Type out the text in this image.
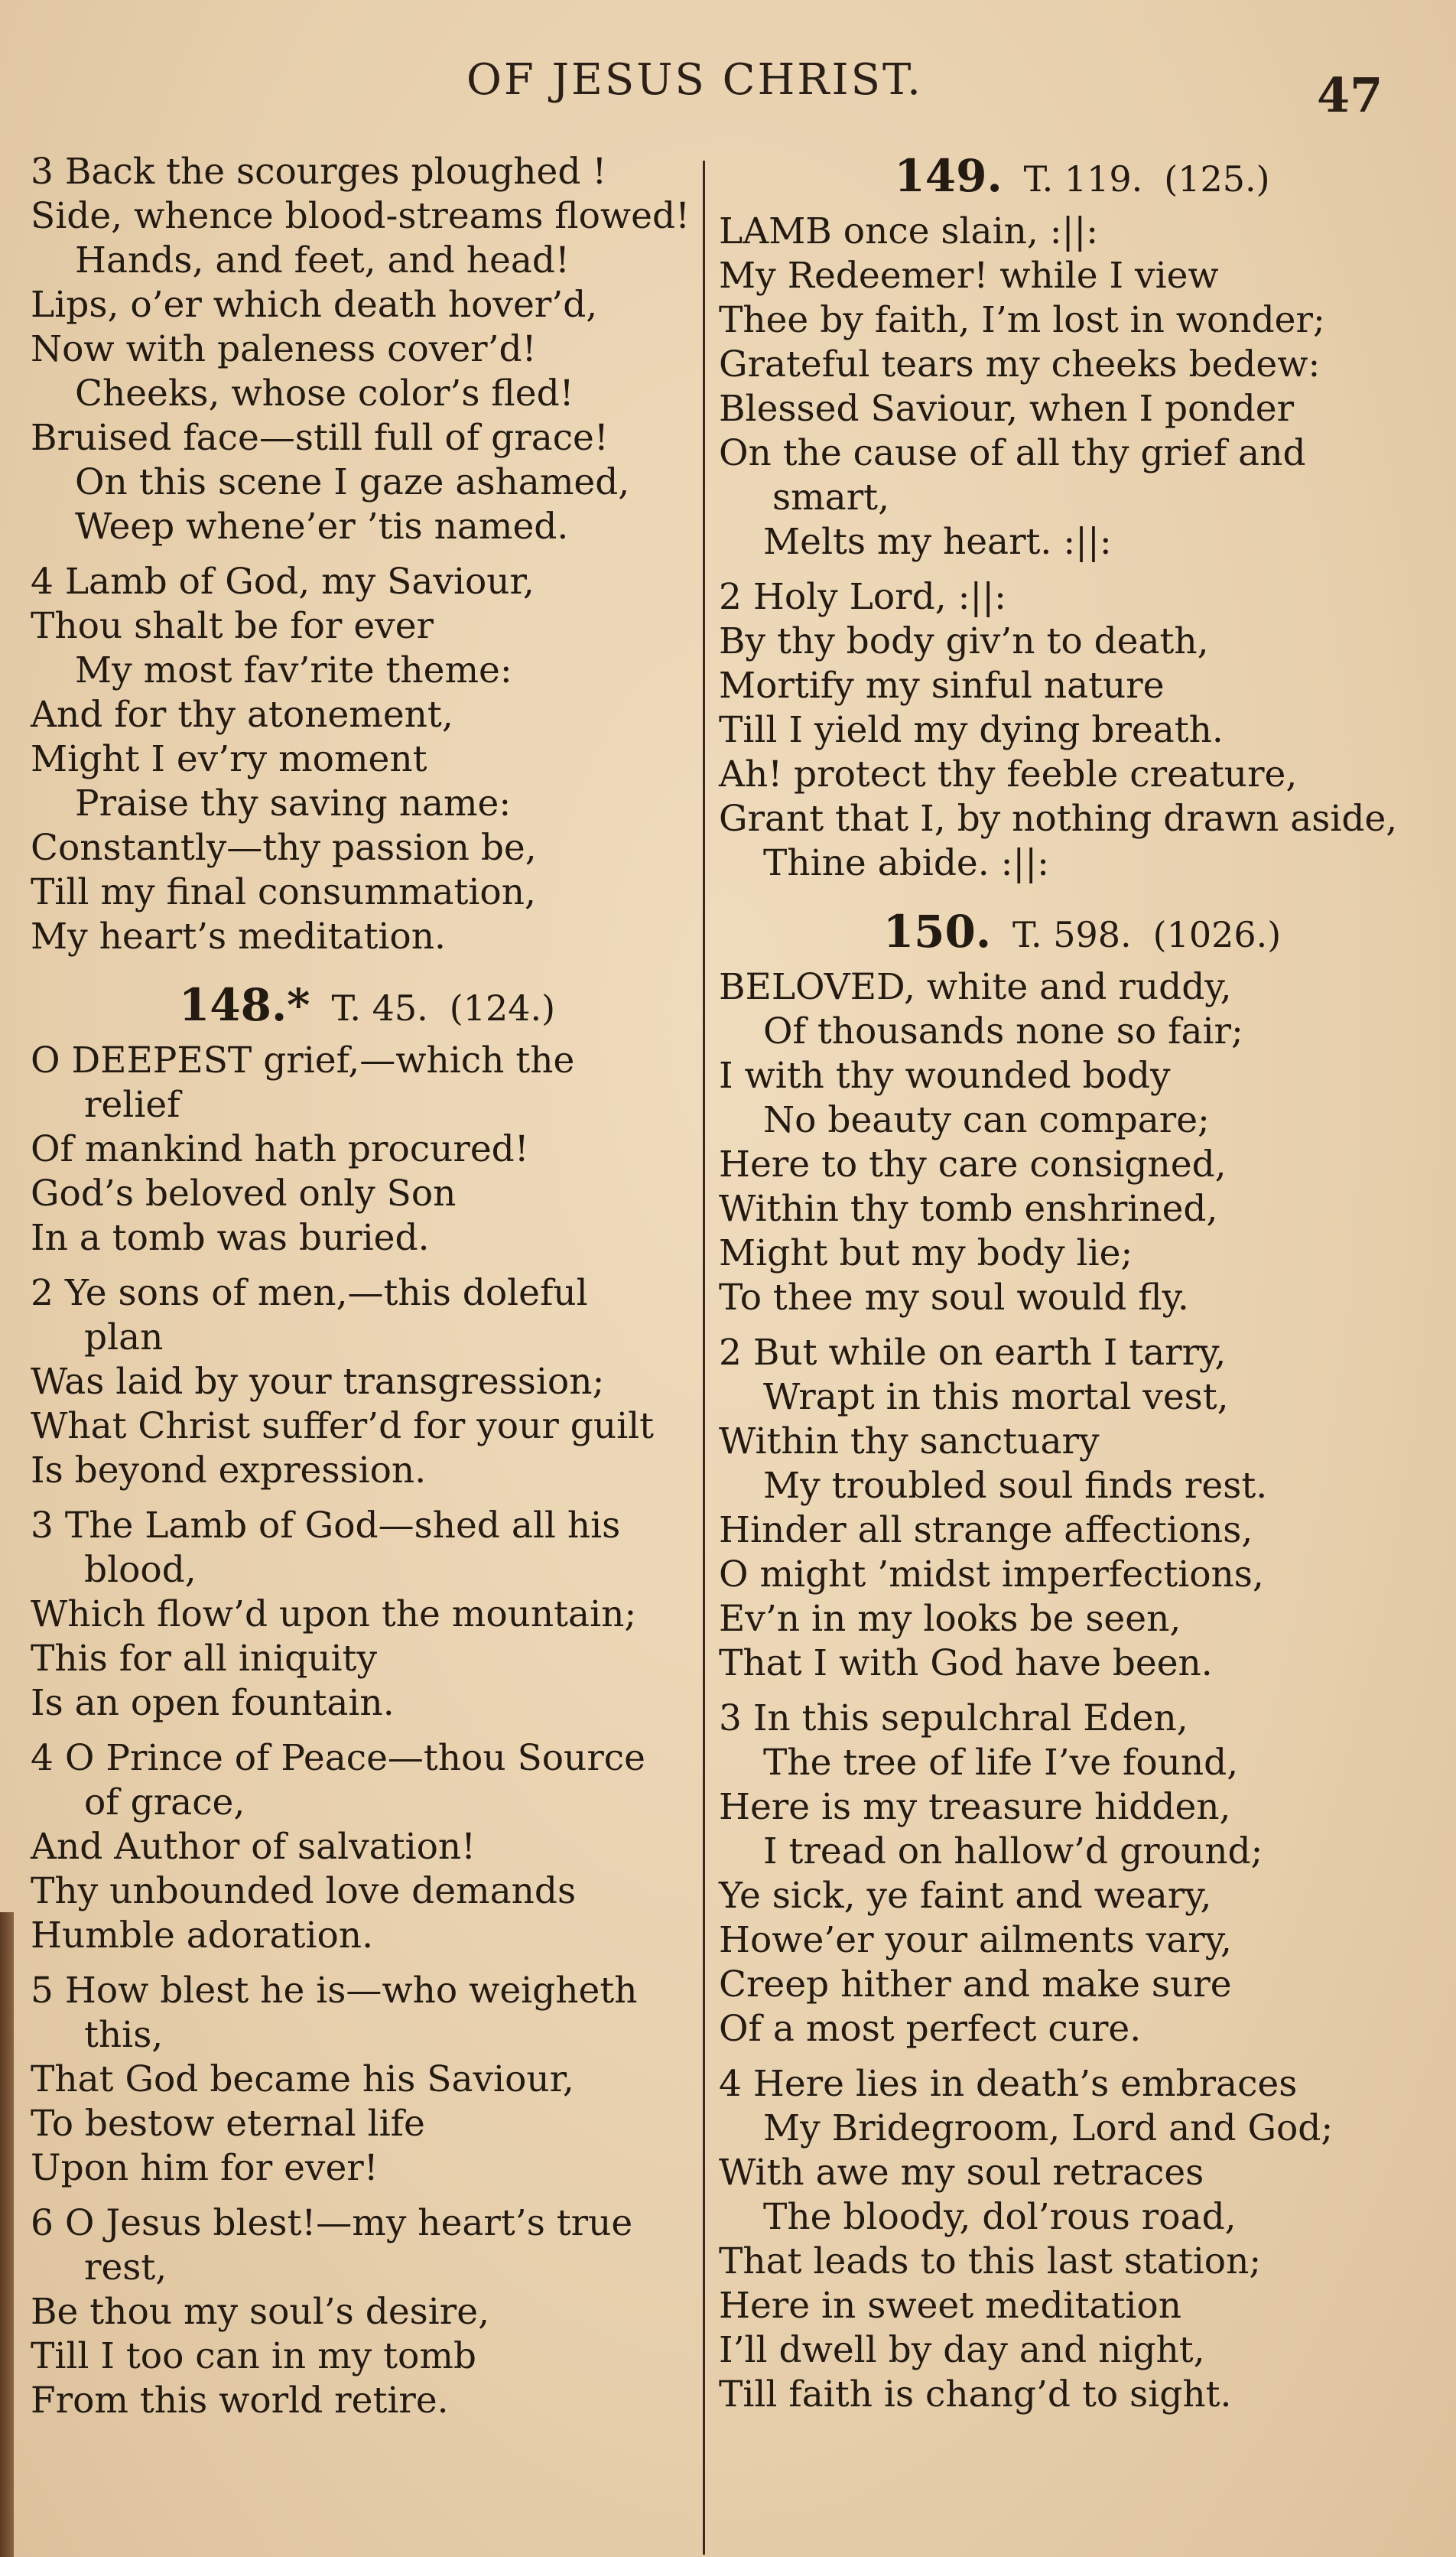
OF JESUS CHRIST.	47

3 Back the scourges ploughed !

Side, whence blood-streams flowed!

Hands, and feet, and head!

Lips, o’er which death hover’d,

Now with paleness cover’d!

Cheeks, whose color’s fled!

Bruised face—still full of grace!

On this scene I gaze ashamed,

Weep whene’er ’tis named.

4 Lamb of God, my Saviour,

Thou shalt be for ever

My most fav’rite theme:

And for thy atonement,

Might I ev’ry moment

Praise thy saving name:

Constantly—thy passion be,

Till my final consummation,

My heart’s meditation.

148.* T. 45. (124.)

O DEEPEST grief,—which the

relief

Of mankind hath procured!

God’s beloved only Son

In a tomb was buried.

2 Ye sons of men,—this doleful

plan

Was laid by your transgression;

What Christ suffer’d for your guilt

Is beyond expression.

3 The Lamb of God—shed all his

blood,

Which flow’d upon the mountain;

This for all iniquity

Is an open fountain.

4 O Prince of Peace—thou Source

of grace,

And Author of salvation!

Thy unbounded love demands

Humble adoration.

5 How blest he is—who weigheth

this,

That God became his Saviour,

To bestow eternal life

Upon him for ever!

6 O Jesus blest!—my heart’s true

rest,

Be thou my soul’s desire,

Till I too can in my tomb

From this world retire.

149. T. 119. (125.)

LAMB once slain, :||:

My Redeemer! while I view

Thee by faith, I’m lost in wonder;

Grateful tears my cheeks bedew:

Blessed Saviour, when I ponder

On the cause of all thy grief and

smart,

Melts my heart. :||:

2 Holy Lord, :||:

By thy body giv’n to death,

Mortify my sinful nature

Till I yield my dying breath.

Ah! protect thy feeble creature,

Grant that I, by nothing drawn aside,

Thine abide. :||:

150. T. 598. (1026.)

BELOVED, white and ruddy,

Of thousands none so fair;

I with thy wounded body

No beauty can compare;

Here to thy care consigned,

Within thy tomb enshrined,

Might but my body lie;

To thee my soul would fly.

2 But while on earth I tarry,

Wrapt in this mortal vest,

Within thy sanctuary

My troubled soul finds rest.

Hinder all strange affections,

O might ’midst imperfections,

Ev’n in my looks be seen,

That I with God have been.

3 In this sepulchral Eden,

The tree of life I’ve found,

Here is my treasure hidden,

I tread on hallow’d ground;

Ye sick, ye faint and weary,

Howe’er your ailments vary,

Creep hither and make sure

Of a most perfect cure.

4 Here lies in death’s embraces

My Bridegroom, Lord and God;

With awe my soul retraces

The bloody, dol’rous road,

That leads to this last station;

Here in sweet meditation

I’ll dwell by day and night,

Till faith is chang’d to sight.
